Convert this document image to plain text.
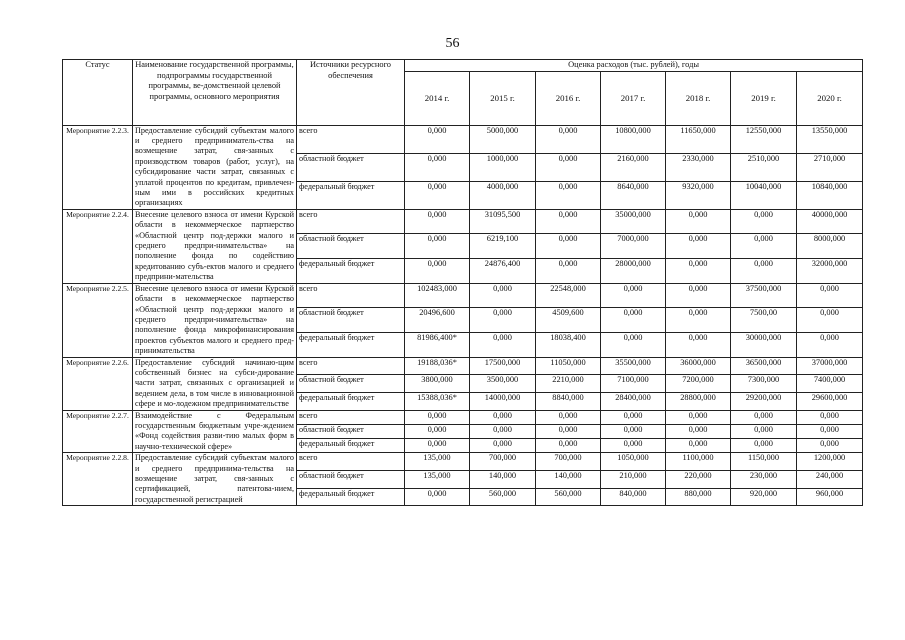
56
Статус	Наименование государственной программы, подпрограммы государственной программы, ве-домственной целевой программы, основного мероприятия	Источники ресурсного обеспечения	Оценка расходов (тыс. рублей), годы						
			2014 г.	2015 г.	2016 г.	2017 г.	2018 г.	2019 г.	2020 г.
Мероприятие 2.2.3.	Предоставление субсидий субъектам малого и среднего предприниматель-ства на возмещение затрат, свя-занных с производством товаров (работ, услуг), на субсидирование части затрат, связанных с уплатой процентов по кредитам, привлечен-ным ими в российских кредитных организациях	всего	0,000	5000,000	0,000	10800,000	11650,000	12550,000	13550,000
		областной бюджет	0,000	1000,000	0,000	2160,000	2330,000	2510,000	2710,000
		федеральный бюджет	0,000	4000,000	0,000	8640,000	9320,000	10040,000	10840,000
Мероприятие 2.2.4.	Внесение целевого взноса от имени Курской области в некоммерческое партнерство «Областной центр под-держки малого и среднего предпри-нимательства» на пополнение фонда по содействию кредитованию субъ-ектов малого и среднего предприни-мательства	всего	0,000	31095,500	0,000	35000,000	0,000	0,000	40000,000
		областной бюджет	0,000	6219,100	0,000	7000,000	0,000	0,000	8000,000
		федеральный бюджет	0,000	24876,400	0,000	28000,000	0,000	0,000	32000,000
Мероприятие 2.2.5.	Внесение целевого взноса от имени Курской области в некоммерческое партнерство «Областной центр под-держки малого и среднего предпри-нимательства» на пополнение фонда микрофинансирования проектов субъектов малого и среднего пред-принимательства	всего	102483,000	0,000	22548,000	0,000	0,000	37500,000	0,000
		областной бюджет	20496,600	0,000	4509,600	0,000	0,000	7500,00	0,000
		федеральный бюджет	81986,400*	0,000	18038,400	0,000	0,000	30000,000	0,000
Мероприятие 2.2.6.	Предоставление субсидий начинаю-щим собственный бизнес на субси-дирование части затрат, связанных с организацией и ведением дела, в том числе в инновационной сфере и мо-лодежном предпринимательстве	всего	19188,036*	17500,000	11050,000	35500,000	36000,000	36500,000	37000,000
		областной бюджет	3800,000	3500,000	2210,000	7100,000	7200,000	7300,000	7400,000
		федеральный бюджет	15388,036*	14000,000	8840,000	28400,000	28800,000	29200,000	29600,000
Мероприятие 2.2.7.	Взаимодействие с Федеральным государственным бюджетным учре-ждением «Фонд содействия разви-тию малых форм в научно-технической сфере»	всего	0,000	0,000	0,000	0,000	0,000	0,000	0,000
		областной бюджет	0,000	0,000	0,000	0,000	0,000	0,000	0,000
		федеральный бюджет	0,000	0,000	0,000	0,000	0,000	0,000	0,000
Мероприятие 2.2.8.	Предоставление субсидий субъектам малого и среднего предпринима-тельства на возмещение затрат, свя-занных с сертификацией, патентова-нием, государственной регистрацией	всего	135,000	700,000	700,000	1050,000	1100,000	1150,000	1200,000
		областной бюджет	135,000	140,000	140,000	210,000	220,000	230,000	240,000
		федеральный бюджет	0,000	560,000	560,000	840,000	880,000	920,000	960,000
